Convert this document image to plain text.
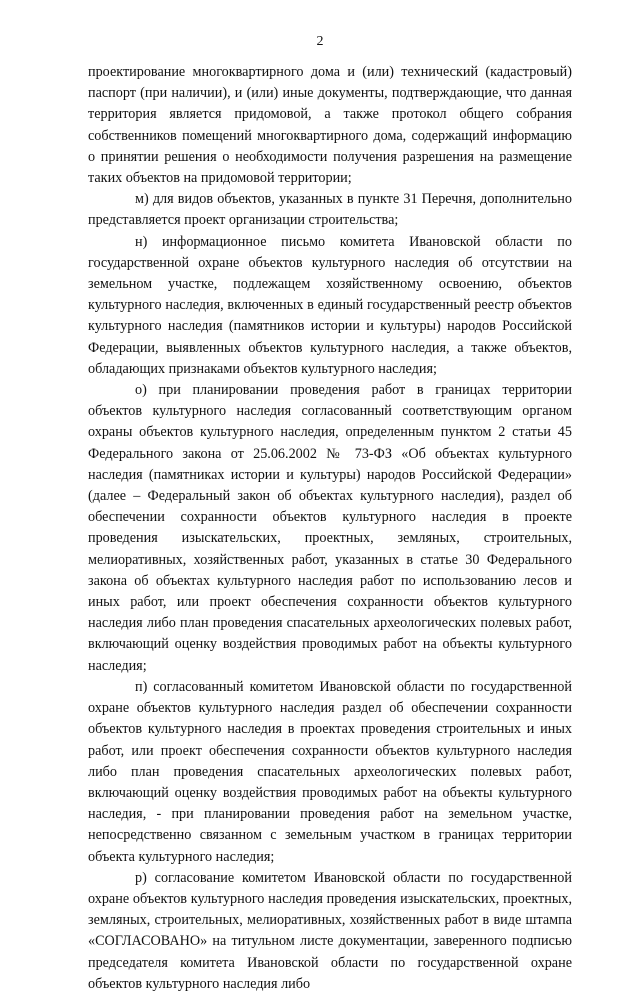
2

проектирование многоквартирного дома и (или) технический (кадастровый) паспорт (при наличии), и (или) иные документы, подтверждающие, что данная территория является придомовой, а также протокол общего собрания собственников помещений многоквартирного дома, содержащий информацию о принятии решения о необходимости получения разрешения на размещение таких объектов на придомовой территории;

м) для видов объектов, указанных в пункте 31 Перечня, дополнительно представляется проект организации строительства;

н) информационное письмо комитета Ивановской области по государственной охране объектов культурного наследия об отсутствии на земельном участке, подлежащем хозяйственному освоению, объектов культурного наследия, включенных в единый государственный реестр объектов культурного наследия (памятников истории и культуры) народов Российской Федерации, выявленных объектов культурного наследия, а также объектов, обладающих признаками объектов культурного наследия;

о) при планировании проведения работ в границах территории объектов культурного наследия согласованный соответствующим органом охраны объектов культурного наследия, определенным пунктом 2 статьи 45 Федерального закона от 25.06.2002 № 73-ФЗ «Об объектах культурного наследия (памятниках истории и культуры) народов Российской Федерации» (далее – Федеральный закон об объектах культурного наследия), раздел об обеспечении сохранности объектов культурного наследия в проекте проведения изыскательских, проектных, земляных, строительных, мелиоративных, хозяйственных работ, указанных в статье 30 Федерального закона об объектах культурного наследия работ по использованию лесов и иных работ, или проект обеспечения сохранности объектов культурного наследия либо план проведения спасательных археологических полевых работ, включающий оценку воздействия проводимых работ на объекты культурного наследия;

п) согласованный комитетом Ивановской области по государственной охране объектов культурного наследия раздел об обеспечении сохранности объектов культурного наследия в проектах проведения строительных и иных работ, или проект обеспечения сохранности объектов культурного наследия либо план проведения спасательных археологических полевых работ, включающий оценку воздействия проводимых работ на объекты культурного наследия, - при планировании проведения работ на земельном участке, непосредственно связанном с земельным участком в границах территории объекта культурного наследия;

р) согласование комитетом Ивановской области по государственной охране объектов культурного наследия проведения изыскательских, проектных, земляных, строительных, мелиоративных, хозяйственных работ в виде штампа «СОГЛАСОВАНО» на титульном листе документации, заверенного подписью председателя комитета Ивановской области по государственной охране объектов культурного наследия либо
